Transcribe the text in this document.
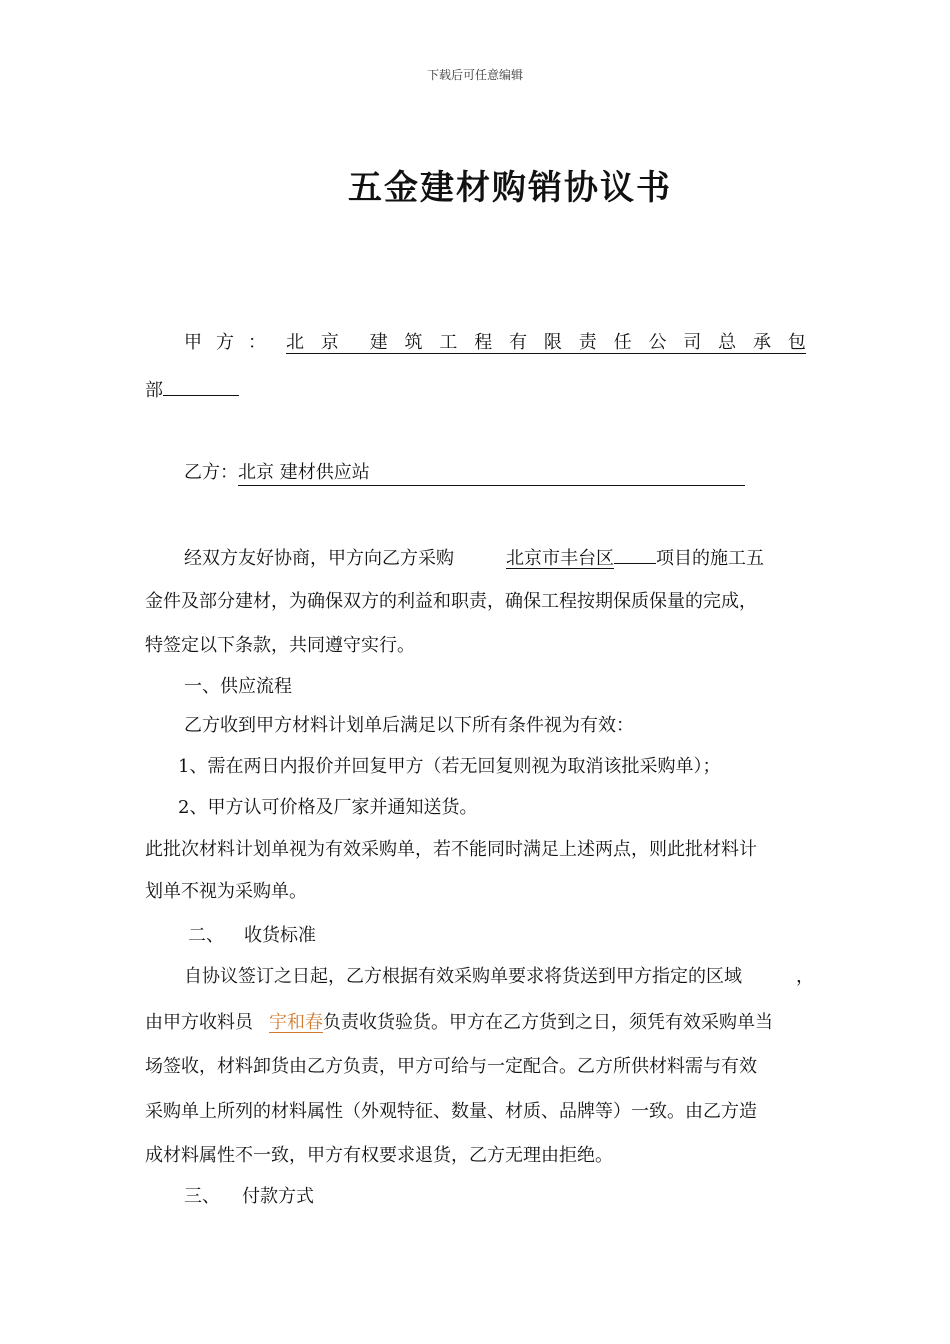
下载后可任意编辑
五金建材购销协议书
甲方： 北 京 建 筑 工 程 有 限 责 任 公 司 总 承 包
部
乙方：北京 建材供应站
经双方友好协商，甲方向乙方采购	北京市丰台区 项目的施工五
金件及部分建材，为确保双方的利益和职责，确保工程按期保质保量的完成，
特签定以下条款，共同遵守实行。
一、供应流程
乙方收到甲方材料计划单后满足以下所有条件视为有效：
1、需在两日内报价并回复甲方（若无回复则视为取消该批采购单）；
2、甲方认可价格及厂家并通知送货。
此批次材料计划单视为有效采购单，若不能同时满足上述两点，则此批材料计
划单不视为采购单。
二、 收货标准
自协议签订之日起，乙方根据有效采购单要求将货送到甲方指定的区域	，
由甲方收料员 宇和春负责收货验货。甲方在乙方货到之日，须凭有效采购单当
场签收，材料卸货由乙方负责，甲方可给与一定配合。乙方所供材料需与有效
采购单上所列的材料属性（外观特征、数量、材质、品牌等）一致。由乙方造
成材料属性不一致，甲方有权要求退货，乙方无理由拒绝。
三、 付款方式
